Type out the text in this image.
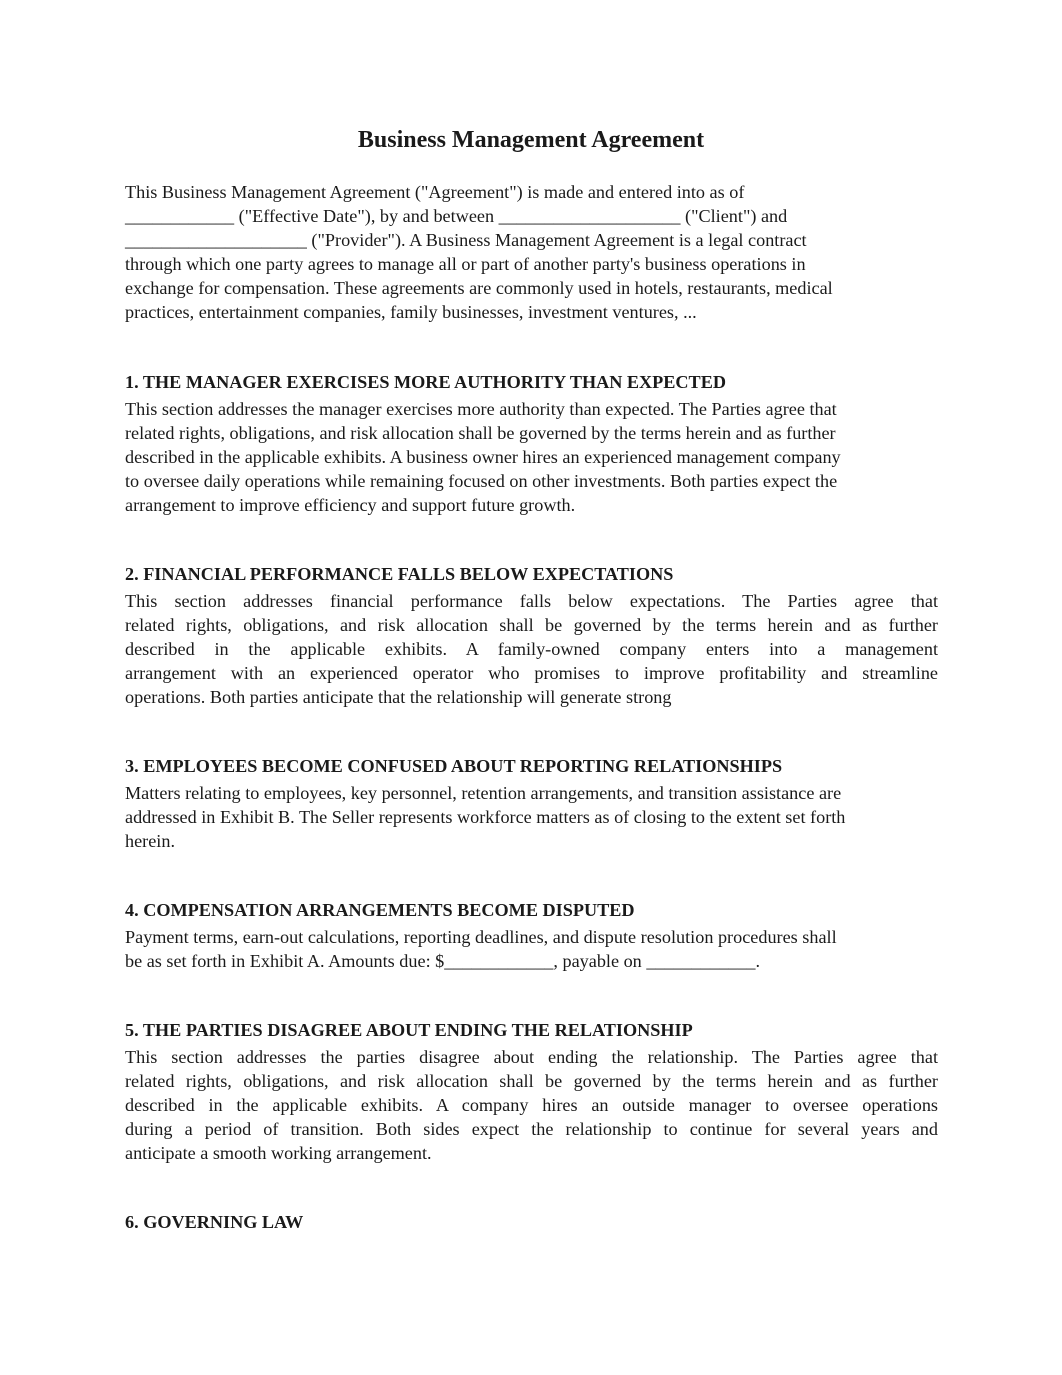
Business Management Agreement
This Business Management Agreement ("Agreement") is made and entered into as of
____________ ("Effective Date"), by and between ____________________ ("Client") and
____________________ ("Provider"). A Business Management Agreement is a legal contract
through which one party agrees to manage all or part of another party's business operations in
exchange for compensation. These agreements are commonly used in hotels, restaurants, medical
practices, entertainment companies, family businesses, investment ventures, ...
1. THE MANAGER EXERCISES MORE AUTHORITY THAN EXPECTED
This section addresses the manager exercises more authority than expected. The Parties agree that
related rights, obligations, and risk allocation shall be governed by the terms herein and as further
described in the applicable exhibits. A business owner hires an experienced management company
to oversee daily operations while remaining focused on other investments. Both parties expect the
arrangement to improve efficiency and support future growth.
2. FINANCIAL PERFORMANCE FALLS BELOW EXPECTATIONS
This section addresses financial performance falls below expectations. The Parties agree that
related rights, obligations, and risk allocation shall be governed by the terms herein and as further
described in the applicable exhibits. A family-owned company enters into a management
arrangement with an experienced operator who promises to improve profitability and streamline
operations. Both parties anticipate that the relationship will generate strong
3. EMPLOYEES BECOME CONFUSED ABOUT REPORTING RELATIONSHIPS
Matters relating to employees, key personnel, retention arrangements, and transition assistance are
addressed in Exhibit B. The Seller represents workforce matters as of closing to the extent set forth
herein.
4. COMPENSATION ARRANGEMENTS BECOME DISPUTED
Payment terms, earn-out calculations, reporting deadlines, and dispute resolution procedures shall
be as set forth in Exhibit A. Amounts due: $____________, payable on ____________.
5. THE PARTIES DISAGREE ABOUT ENDING THE RELATIONSHIP
This section addresses the parties disagree about ending the relationship. The Parties agree that
related rights, obligations, and risk allocation shall be governed by the terms herein and as further
described in the applicable exhibits. A company hires an outside manager to oversee operations
during a period of transition. Both sides expect the relationship to continue for several years and
anticipate a smooth working arrangement.
6. GOVERNING LAW
